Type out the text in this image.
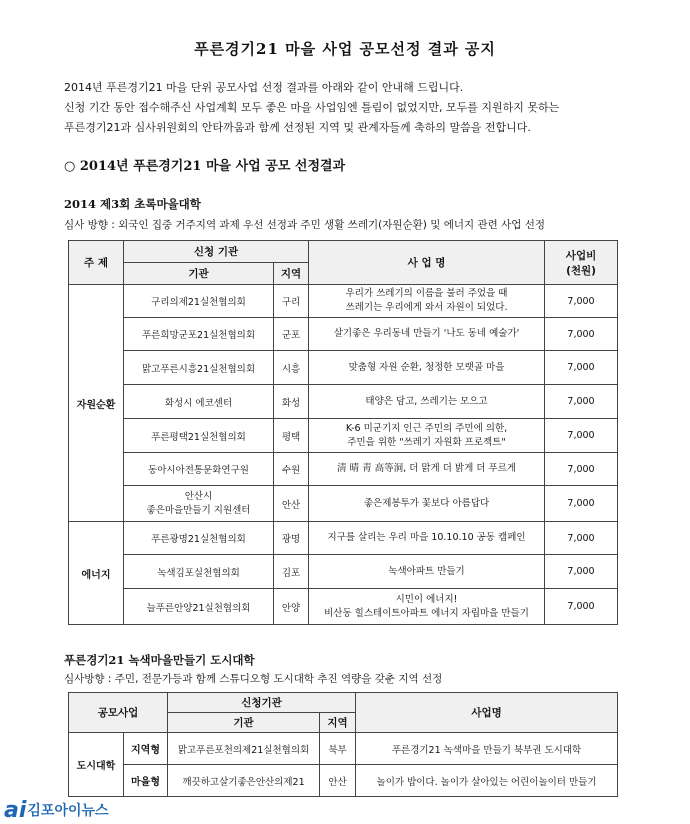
푸른경기21 마을 사업 공모선정 결과 공지

2014년 푸른경기21 마을 단위 공모사업 선정 결과를 아래와 같이 안내해 드립니다.

신청 기간 동안 접수해주신 사업계획 모두 좋은 마을 사업임엔 틀림이 없었지만, 모두를 지원하지 못하는

푸른경기21과 심사위원회의 안타까움과 함께 선정된 지역 및 관계자들께 축하의 말씀을 전합니다.

○ 2014년 푸른경기21 마을 사업 공모 선정결과
2014 제3회 초록마을대학
심사 방향 : 외국인 집중 거주지역 과제 우선 선정과 주민 생활 쓰레기(자원순환) 및 에너지 관련 사업 선정
주 제	신청 기관		사 업 명	사업비
(천원)
	기관	지역		
자원순환	구리의제21실천협의회	구리	우리가 쓰레기의 이름을 불러 주었을 때
쓰레기는 우리에게 와서 자원이 되었다.	7,000
	푸른희망군포21실천협의회	군포	살기좋은 우리동네 만들기 '나도 동네 예술가'	7,000
	맑고푸른시흥21실천협의회	시흥	맞춤형 자원 순환, 청정한 모랫골 마을	7,000
	화성시 에코센터	화성	태양은 담고, 쓰레기는 모으고	7,000
	푸른평택21실천협의회	평택	K-6 미군기지 인근 주민의 주민에 의한,
주민을 위한 "쓰레기 자원화 프로젝트"	7,000
	동아시아전통문화연구원	수원	淸 晴 靑 高等洞, 더 맑게 더 밝게 더 푸르게	7,000
	안산시
좋은마을만들기 지원센터	안산	좋은제봉투가 꽃보다 아름답다	7,000
에너지	푸른광명21실천협의회	광명	지구를 살리는 우리 마을 10.10.10 공동 캠페인	7,000
	녹색김포실천협의회	김포	녹색아파트 만들기	7,000
	늘푸른안양21실천협의회	안양	시민이 에너지!
비산동 힐스테이트아파트 에너지 자립마을 만들기	7,000
푸른경기21 녹색마을만들기 도시대학
심사방향 : 주민, 전문가등과 함께 스튜디오형 도시대학 추진 역량을 갖춘 지역 선정
공모사업		신청기관		사업명
		기관	지역	
도시대학	지역형	맑고푸른포천의제21실천협의회	북부	푸른경기21 녹색마을 만들기 북부권 도시대학
	마을형	깨끗하고살기좋은안산의제21	안산	놀이가 밥이다. 놀이가 살아있는 어린이놀이터 만들기
ai 김포아이뉴스
